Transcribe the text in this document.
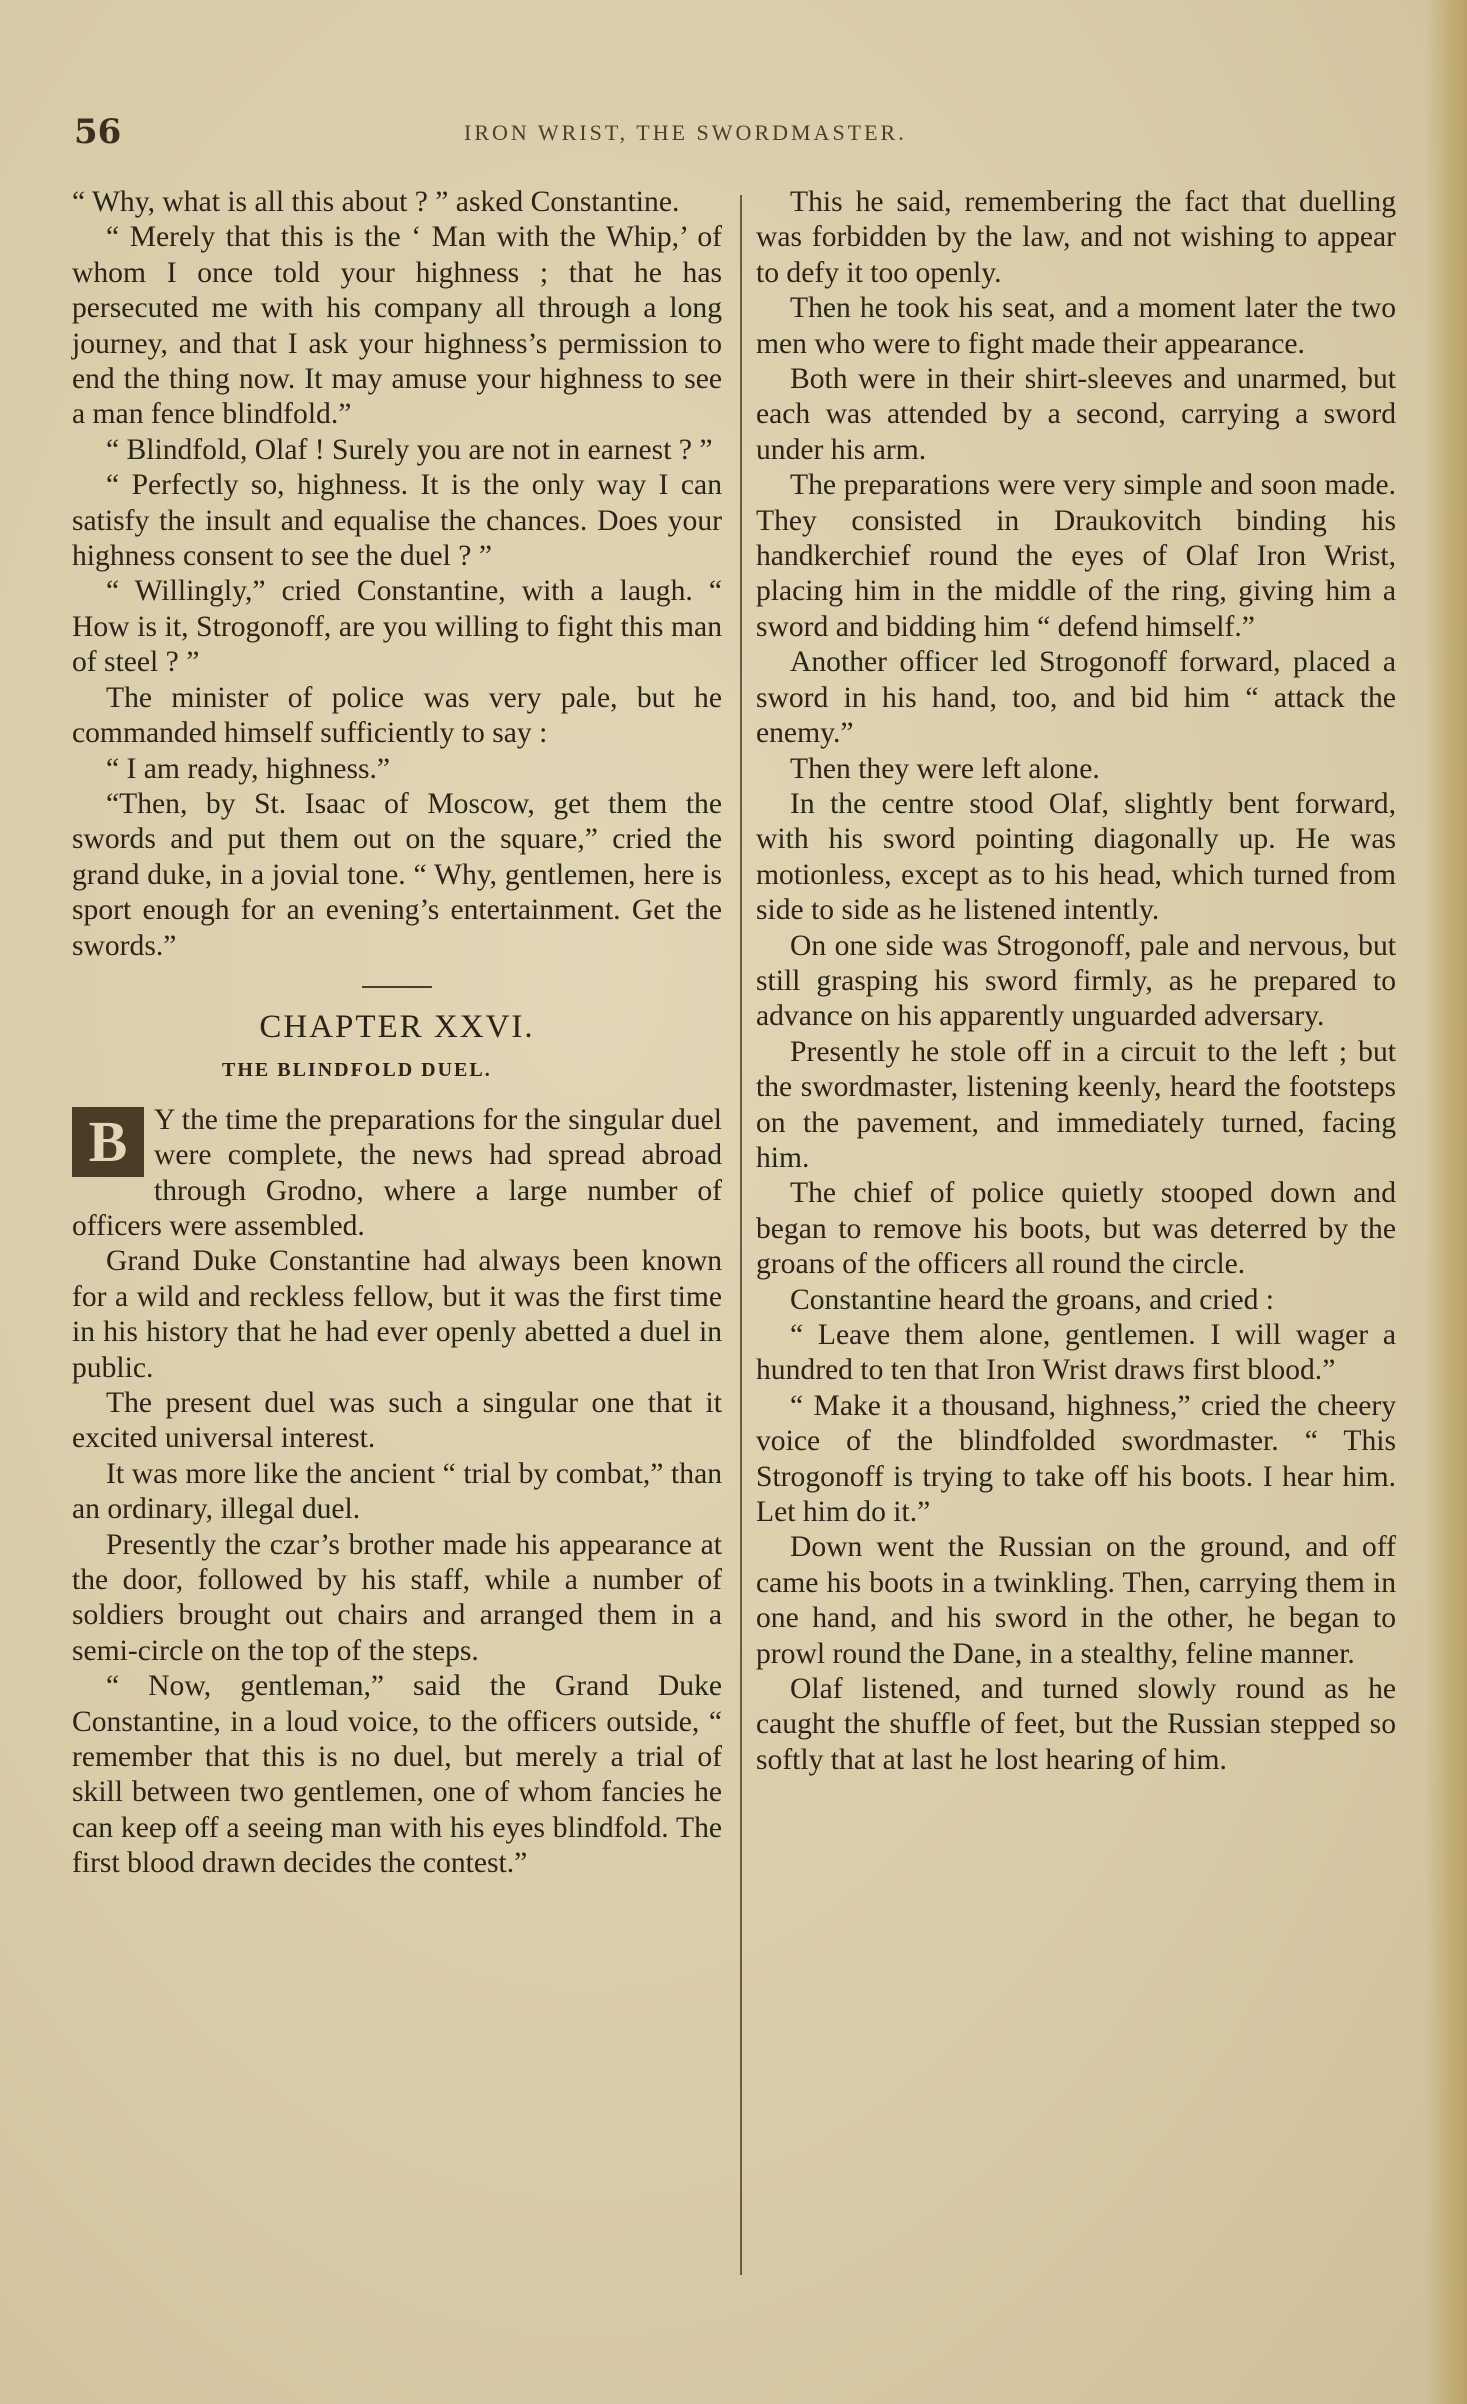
56	IRON WRIST, THE SWORDMASTER.

“ Why, what is all this about ? ” asked Constantine.

“ Merely that this is the ‘ Man with the Whip,’ of whom I once told your highness ; that he has persecuted me with his company all through a long journey, and that I ask your highness’s permission to end the thing now. It may amuse your highness to see a man fence blindfold.”

“ Blindfold, Olaf ! Surely you are not in earnest ? ”

“ Perfectly so, highness. It is the only way I can satisfy the insult and equalise the chances. Does your highness consent to see the duel ? ”

“ Willingly,” cried Constantine, with a laugh. “ How is it, Strogonoff, are you willing to fight this man of steel ? ”

The minister of police was very pale, but he commanded himself sufficiently to say :

“ I am ready, highness.”

“Then, by St. Isaac of Moscow, get them the swords and put them out on the square,” cried the grand duke, in a jovial tone. “ Why, gentlemen, here is sport enough for an evening’s entertainment. Get the swords.”

CHAPTER XXVI.
THE BLINDFOLD DUEL.
B Y the time the preparations for the singular duel were complete, the news had spread abroad through Grodno, where a large number of officers were assembled.

Grand Duke Constantine had always been known for a wild and reckless fellow, but it was the first time in his history that he had ever openly abetted a duel in public.

The present duel was such a singular one that it excited universal interest.

It was more like the ancient “ trial by combat,” than an ordinary, illegal duel.

Presently the czar’s brother made his appearance at the door, followed by his staff, while a number of soldiers brought out chairs and arranged them in a semi-circle on the top of the steps.

“ Now, gentleman,” said the Grand Duke Constantine, in a loud voice, to the officers outside, “ remember that this is no duel, but merely a trial of skill between two gentlemen, one of whom fancies he can keep off a seeing man with his eyes blindfold. The first blood drawn decides the contest.”

This he said, remembering the fact that duelling was forbidden by the law, and not wishing to appear to defy it too openly.

Then he took his seat, and a moment later the two men who were to fight made their appearance.

Both were in their shirt-sleeves and unarmed, but each was attended by a second, carrying a sword under his arm.

The preparations were very simple and soon made. They consisted in Draukovitch binding his handkerchief round the eyes of Olaf Iron Wrist, placing him in the middle of the ring, giving him a sword and bidding him “ defend himself.”

Another officer led Strogonoff forward, placed a sword in his hand, too, and bid him “ attack the enemy.”

Then they were left alone.

In the centre stood Olaf, slightly bent forward, with his sword pointing diagonally up. He was motionless, except as to his head, which turned from side to side as he listened intently.

On one side was Strogonoff, pale and nervous, but still grasping his sword firmly, as he prepared to advance on his apparently unguarded adversary.

Presently he stole off in a circuit to the left ; but the swordmaster, listening keenly, heard the footsteps on the pavement, and immediately turned, facing him.

The chief of police quietly stooped down and began to remove his boots, but was deterred by the groans of the officers all round the circle.

Constantine heard the groans, and cried :

“ Leave them alone, gentlemen. I will wager a hundred to ten that Iron Wrist draws first blood.”

“ Make it a thousand, highness,” cried the cheery voice of the blindfolded swordmaster. “ This Strogonoff is trying to take off his boots. I hear him. Let him do it.”

Down went the Russian on the ground, and off came his boots in a twinkling. Then, carrying them in one hand, and his sword in the other, he began to prowl round the Dane, in a stealthy, feline manner.

Olaf listened, and turned slowly round as he caught the shuffle of feet, but the Russian stepped so softly that at last he lost hearing of him.
